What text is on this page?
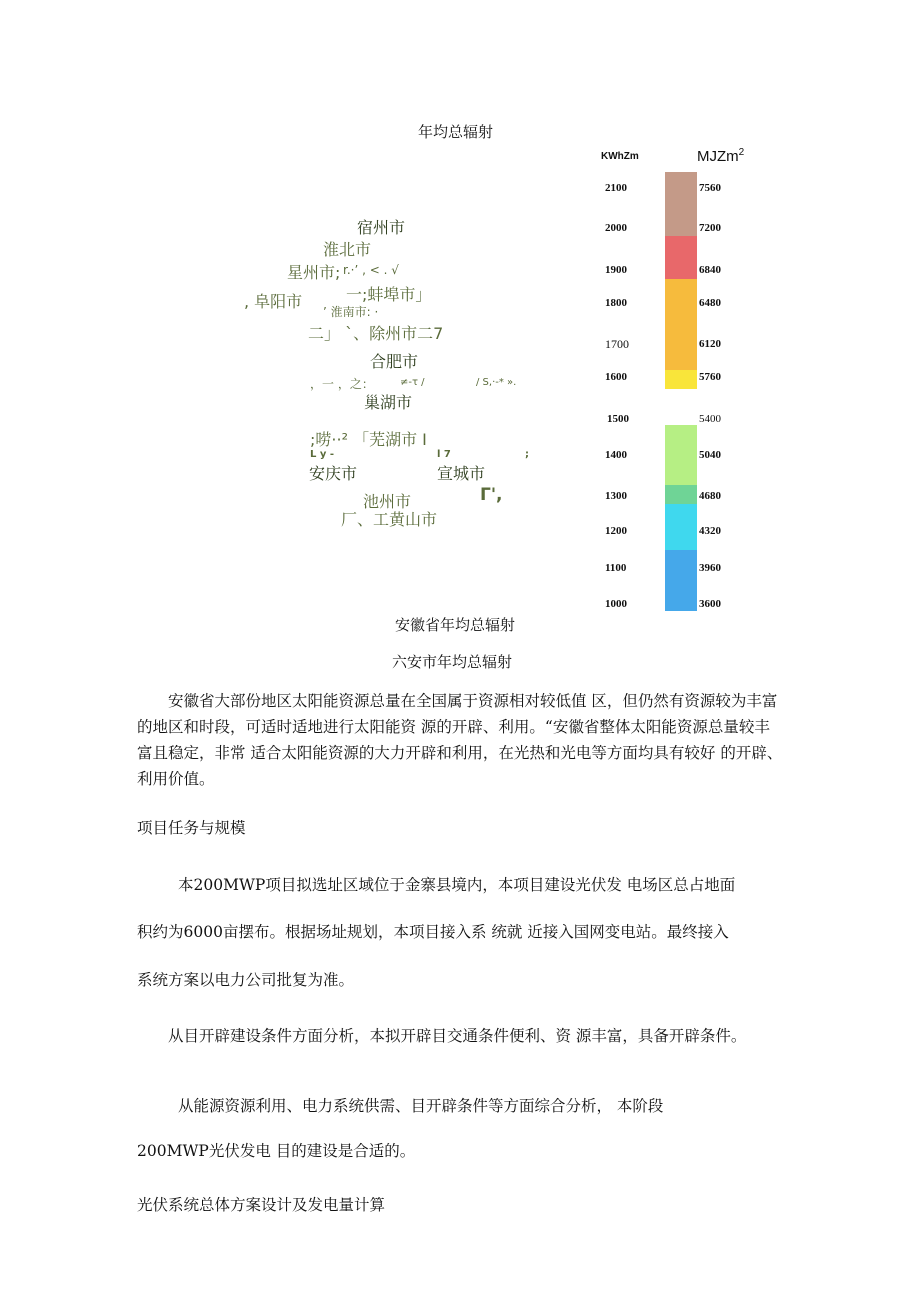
年均总辐射
宿州市
淮北市
星州市; r.·’ , < . √
, 阜阳市	一;蚌埠市」
’ 淮南市: ·
二」 ˋ、除州市二7
合肥市
，一 ，之：	≠-τ /	/ S,·-* ».
巢湖市
;唠··² 「芜湖市 I
L y -	l 7	;
安庆市	宣城市
池州市	Γ',
厂、工黄山市
KWhZm	MJZm$^2$
2100	7560
2000	7200
1900	6840
1800	6480
1700	6120
1600	5760
1500	5400
1400	5040
1300	4680
1200	4320
1100	3960
1000	3600
安徽省年均总辐射
六安市年均总辐射
安徽省大部份地区太阳能资源总量在全国属于资源相对较低值 区，但仍然有资源较为丰富的地区和时段，可适时适地进行太阳能资 源的开辟、利用。“安徽省整体太阳能资源总量较丰富且稳定，非常 适合太阳能资源的大力开辟和利用，在光热和光电等方面均具有较好 的开辟、利用价值。
项目任务与规模
本200MWP项目拟选址区域位于金寨县境内，本项目建设光伏发 电场区总占地面
积约为6000亩摆布。根据场址规划，本项目接入系 统就 近接入国网变电站。最终接入
系统方案以电力公司批复为准。
从目开辟建设条件方面分析，本拟开辟目交通条件便利、资 源丰富，具备开辟条件。
从能源资源利用、电力系统供需、目开辟条件等方面综合分析， 本阶段
200MWP光伏发电 目的建设是合适的。
光伏系统总体方案设计及发电量计算
